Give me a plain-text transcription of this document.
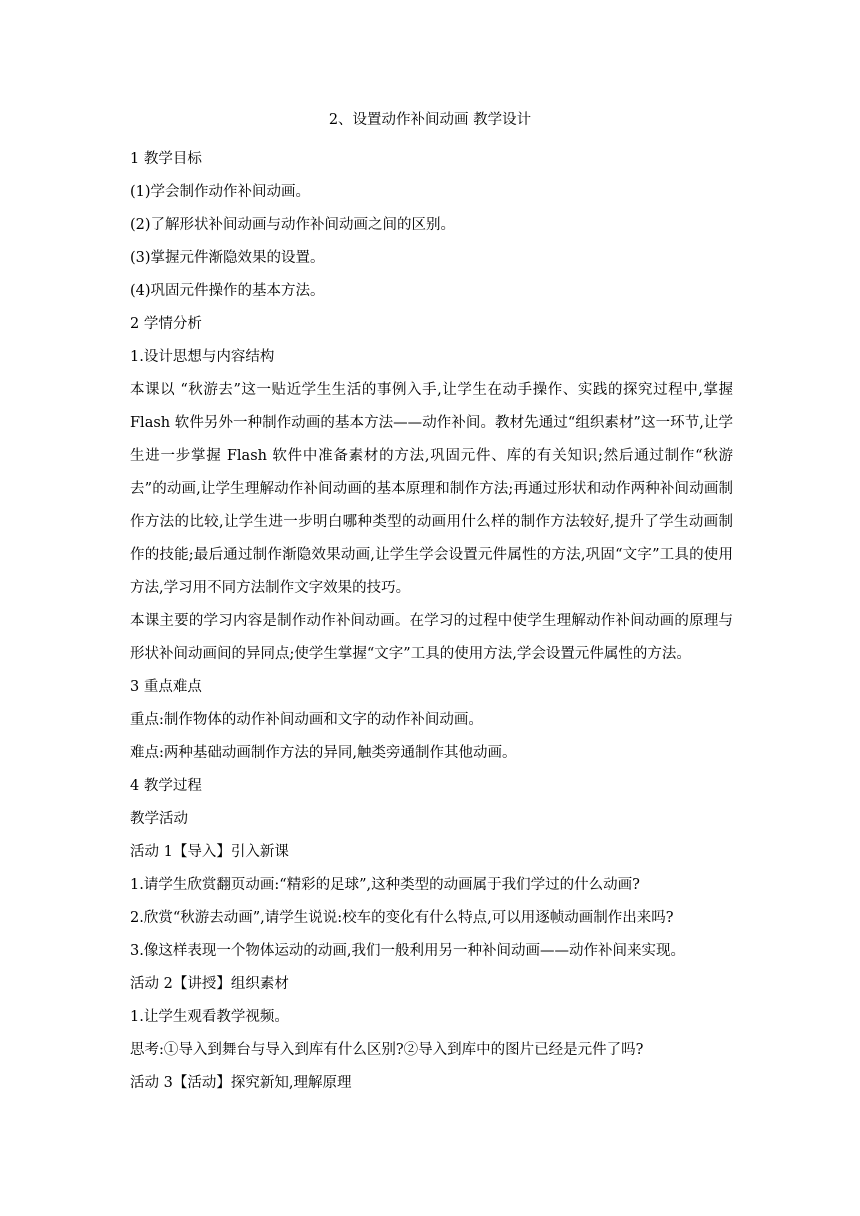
2、设置动作补间动画 教学设计
1 教学目标
(1)学会制作动作补间动画。
(2)了解形状补间动画与动作补间动画之间的区别。
(3)掌握元件渐隐效果的设置。
(4)巩固元件操作的基本方法。
2 学情分析
1.设计思想与内容结构
本课以 “秋游去”这一贴近学生生活的事例入手,让学生在动手操作、实践的探究过程中,掌握Flash 软件另外一种制作动画的基本方法——动作补间。教材先通过“组织素材”这一环节,让学生进一步掌握 Flash 软件中准备素材的方法,巩固元件、库的有关知识;然后通过制作“秋游去”的动画,让学生理解动作补间动画的基本原理和制作方法;再通过形状和动作两种补间动画制作方法的比较,让学生进一步明白哪种类型的动画用什么样的制作方法较好,提升了学生动画制作的技能;最后通过制作渐隐效果动画,让学生学会设置元件属性的方法,巩固“文字”工具的使用方法,学习用不同方法制作文字效果的技巧。
本课主要的学习内容是制作动作补间动画。在学习的过程中使学生理解动作补间动画的原理与形状补间动画间的异同点;使学生掌握“文字”工具的使用方法,学会设置元件属性的方法。
3 重点难点
重点:制作物体的动作补间动画和文字的动作补间动画。
难点:两种基础动画制作方法的异同,触类旁通制作其他动画。
4 教学过程
教学活动
活动 1【导入】引入新课
1.请学生欣赏翻页动画:“精彩的足球”,这种类型的动画属于我们学过的什么动画?
2.欣赏“秋游去动画”,请学生说说:校车的变化有什么特点,可以用逐帧动画制作出来吗?
3.像这样表现一个物体运动的动画,我们一般利用另一种补间动画——动作补间来实现。
活动 2【讲授】组织素材
1.让学生观看教学视频。
思考:①导入到舞台与导入到库有什么区别?②导入到库中的图片已经是元件了吗?
活动 3【活动】探究新知,理解原理
